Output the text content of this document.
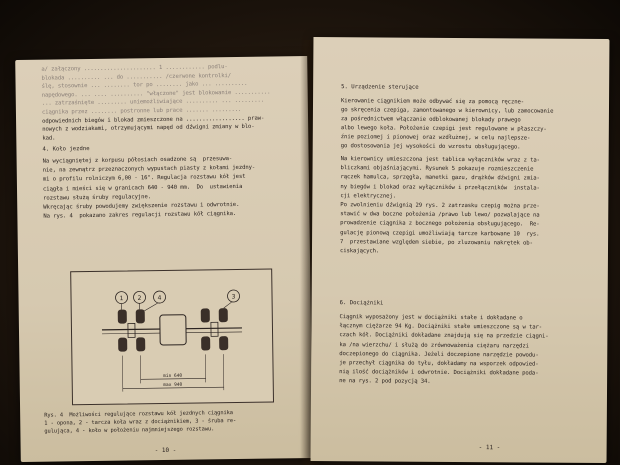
a/ załączony ...................... 1 ............ podlu-
blokada .......... ... do ........... /czerwone kontrolki/
ślę, stosownie ... ........ tor po ........ jako ... ..........
napędowego. ... .... .......... "włączone" jest blokowanie ...........
... zatrzaśnięte ......... uniemożliwiające .......... ... .........
ciągnika przez ........ postronne lub prace ....... .........
odpowiednich biegów i blokad zmieszczone na .................. praw-
nowych z wodziakami, otrzymującymi napęd od dźwigni zmiany w blo-
kad.
4. Koło jezdne
Na wyciągniętej z korpusu półosiach osadzone są  przesuwa-
nie, na zewnątrz przeznaczonych wypustach piasty z kołami jezdny-
mi o profilu rolniczym 6,00 - 16". Regulacja rozstawu kół jest
ciągła i mieści się w granicach 640 - 940 mm.  Do  ustawienia
rozstawu służą śruby regulacyjne.
Wkręcając śruby powodujemy zwiększenie rozstawu i odwrotnie.
Na rys. 4  pokazano zakres regulacji rozstawu kół ciągnika.
1 2	4	3
min 640
max 940
Rys. 4  Możliwości regulujące rozstawu kół jezdnych ciągnika
1 - opona, 2 - tarcza koła wraz z dociążnikiem, 3 - śruba re-
gulująca, 4 - koło w położeniu najmniejszego rozstawu.
- 10 -
5. Urządzenie sterujące
Kierowanie ciągnikiem może odbywać się za pomocą ręczne-
go skręcenia czepiga, zamontowanego w kierownicy, lub zamocowanie
za pośrednictwem włączanie odblokowanej blokady prawego
albo lewego koła. Położenie czepigi jest regulowane w płaszczy-
źnie poziomej i pionowej oraz wzdłużnej, w celu najlepsze-
go dostosowania jej wysokości do wzrostu obsługującego.
Na kierownicy umieszczona jest tablica wyłączników wraz z ta-
bliczkami objaśniającymi. Rysunek 5 pokazuje rozmieszczenie
rączek hamulca, sprzęgła, manetki gazu, drążków dźwigni zmia-
ny biegów i blokad oraz wyłączników i przełączników  instala-
cji elektrycznej.
Po zwolnieniu dźwignią 29 rys. 2 zatrzasku czepig można prze-
stawić w dwa boczne położenia /prawo lub lewo/ pozwalające na
prowadzenie ciągnika z bocznego położenia obsługującego.  Re-
gulację pionową czepigi umożliwiają tarcze karbowane 10  rys.
7  przestawiane względem siebie, po zluzowaniu nakrętek ob-
ciskających.
6. Dociążniki
Ciągnik wyposażony jest w dociążniki stałe i dokładane o
łącznym ciężarze 94 Kg. Dociążniki stałe umieszczone są w tar-
czach kół. Dociążniki dokładane znajdują się na przedzie ciągni-
ka /na wierzchu/ i służą do zrównoważenia ciężaru narzędzi
doczepionego do ciągnika. Jeżeli doczepione narzędzie powodu-
je przechył ciągnika do tyłu, dokładamy na wsporzek odpowied-
nią ilość dociążników i odwrotnie. Dociążniki dokładane poda-
ne na rys. 2 pod pozycją 34.
- 11 -
